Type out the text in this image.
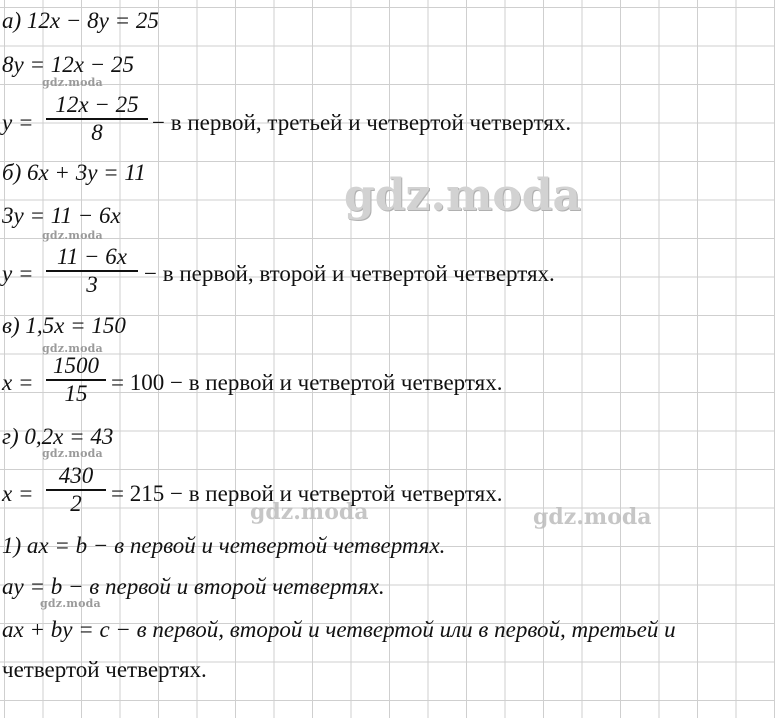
gdz.moda
gdz.moda
gdz.moda
gdz.moda
gdz.moda
gdz.moda	gdz.moda
gdz.moda
а) 12x − 8y = 25
8y = 12x − 25
y =
12x − 25
8	− в первой, третьей и четвертой четвертях.
б) 6x + 3y = 11
3y = 11 − 6x
y =
11 − 6x
3	− в первой, второй и четвертой четвертях.
в) 1,5x = 150
x =
1500
15	= 100 − в первой и четвертой четвертях.
г) 0,2x = 43
x =
430
2	= 215 − в первой и четвертой четвертях.
1) ax = b − в первой и четвертой четвертях.
ay = b − в первой и второй четвертях.
ax + by = c − в первой, второй и четвертой или в первой, третьей и
четвертой четвертях.
